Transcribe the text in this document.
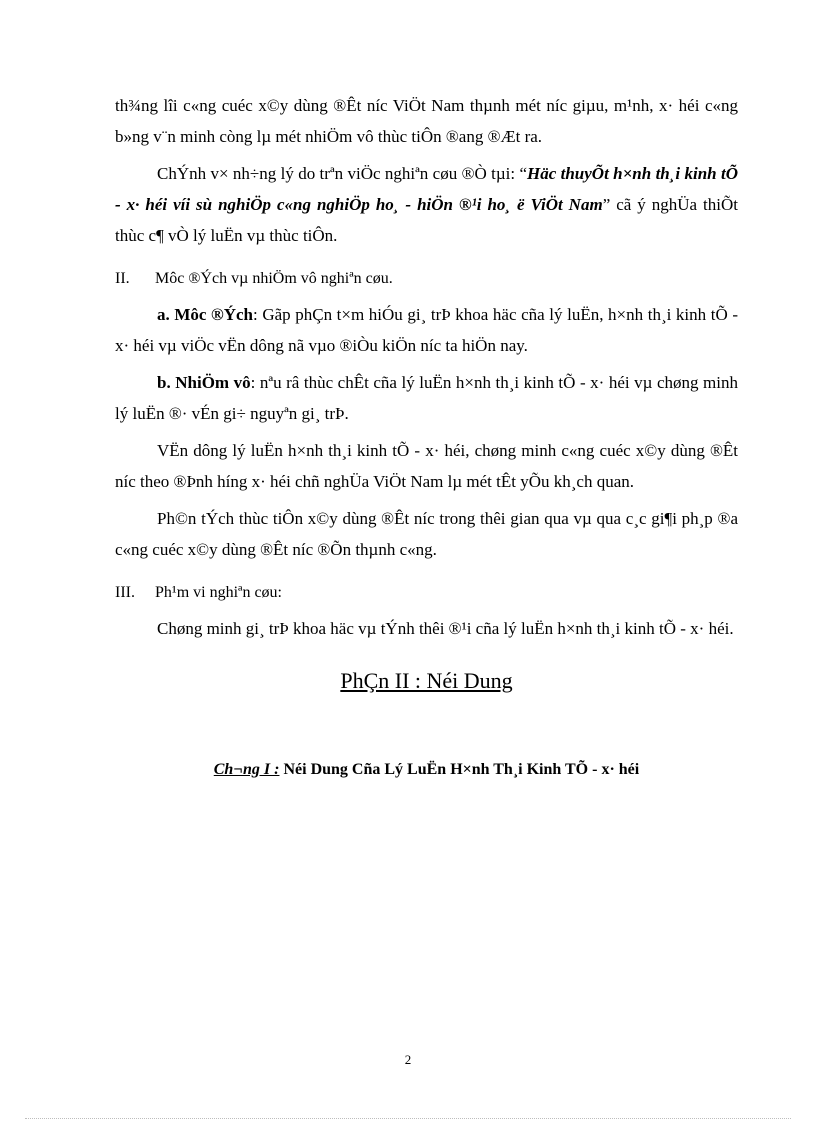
th¾ng lîi c«ng cuéc x©y dùng ®Êt níc ViÖt Nam thµnh mét níc giµu, m¹nh, x· héi c«ng b»ng v¨n minh còng lµ mét nhiÖm vô thùc tiÔn ®ang ®Æt ra.

ChÝnh v× nh÷ng lý do trªn viÖc nghiªn cøu ®Ò tµi: “Häc thuyÕt h×nh th¸i kinh tÕ - x· héi víi sù nghiÖp c«ng nghiÖp ho¸ - hiÖn ®¹i ho¸ ë ViÖt Nam” cã ý nghÜa thiÕt thùc c¶ vÒ lý luËn vµ thùc tiÔn.

II. Môc ®Ých vµ nhiÖm vô nghiªn cøu.

a. Môc ®Ých: Gãp phÇn t×m hiÓu gi¸ trÞ khoa häc cña lý luËn, h×nh th¸i kinh tÕ - x· héi vµ viÖc vËn dông nã vµo ®iÒu kiÖn níc ta hiÖn nay.

b. NhiÖm vô: nªu râ thùc chÊt cña lý luËn h×nh th¸i kinh tÕ - x· héi vµ chøng minh lý luËn ®· vÉn gi÷ nguyªn gi¸ trÞ.

VËn dông lý luËn h×nh th¸i kinh tÕ - x· héi, chøng minh c«ng cuéc x©y dùng ®Êt níc theo ®Þnh híng x· héi chñ nghÜa ViÖt Nam lµ mét tÊt yÕu kh¸ch quan.

Ph©n tÝch thùc tiÔn x©y dùng ®Êt níc trong thêi gian qua vµ qua c¸c gi¶i ph¸p ®a c«ng cuéc x©y dùng ®Êt níc ®Õn thµnh c«ng.

III. Ph¹m vi nghiªn cøu:

Chøng minh gi¸ trÞ khoa häc vµ tÝnh thêi ®¹i cña lý luËn h×nh th¸i kinh tÕ - x· héi.

PhÇn II : Néi Dung
Ch¬ng I : Néi Dung Cña Lý LuËn H×nh Th¸i Kinh TÕ - x· héi
2
